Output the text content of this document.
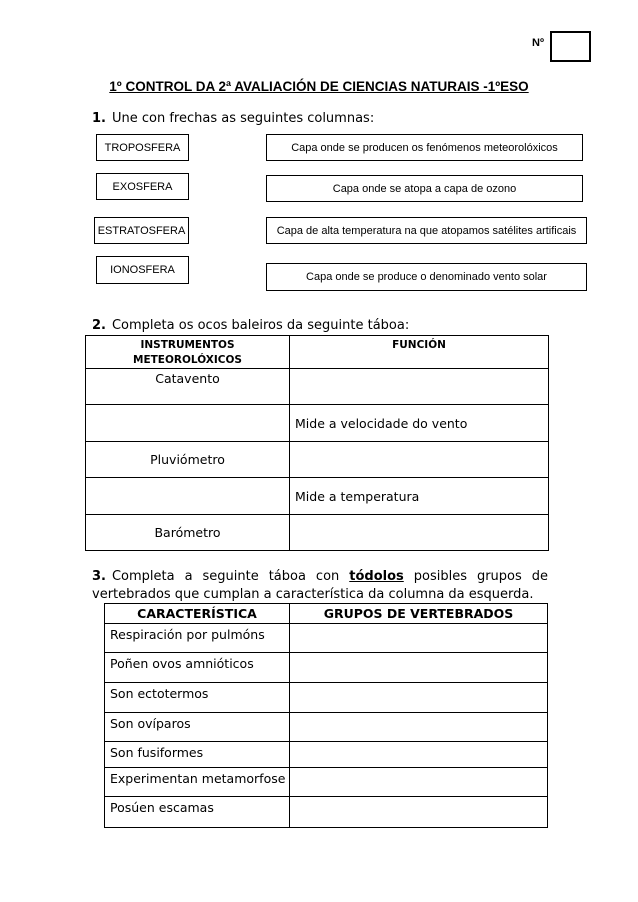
Nº
1º CONTROL DA 2ª AVALIACIÓN DE CIENCIAS NATURAIS -1ºESO
1. Une con frechas as seguintes columnas:
TROPOSFERA
EXOSFERA
ESTRATOSFERA
IONOSFERA
Capa onde se producen os fenómenos meteorolóxicos
Capa onde se atopa a capa de ozono
Capa de alta temperatura na que atopamos satélites artificais
Capa onde se produce o denominado vento solar
2. Completa os ocos baleiros da seguinte táboa:
INSTRUMENTOS METEOROLÓXICOS	FUNCIÓN
Catavento	
	Mide a velocidade do vento
Pluviómetro	
	Mide a temperatura
Barómetro	
3. Completa a seguinte táboa con tódolos posibles grupos de vertebrados que cumplan a característica da columna da esquerda.
CARACTERÍSTICA	GRUPOS DE VERTEBRADOS
Respiración por pulmóns	
Poñen ovos amnióticos	
Son ectotermos	
Son ovíparos	
Son fusiformes	
Experimentan metamorfose	
Posúen escamas	
